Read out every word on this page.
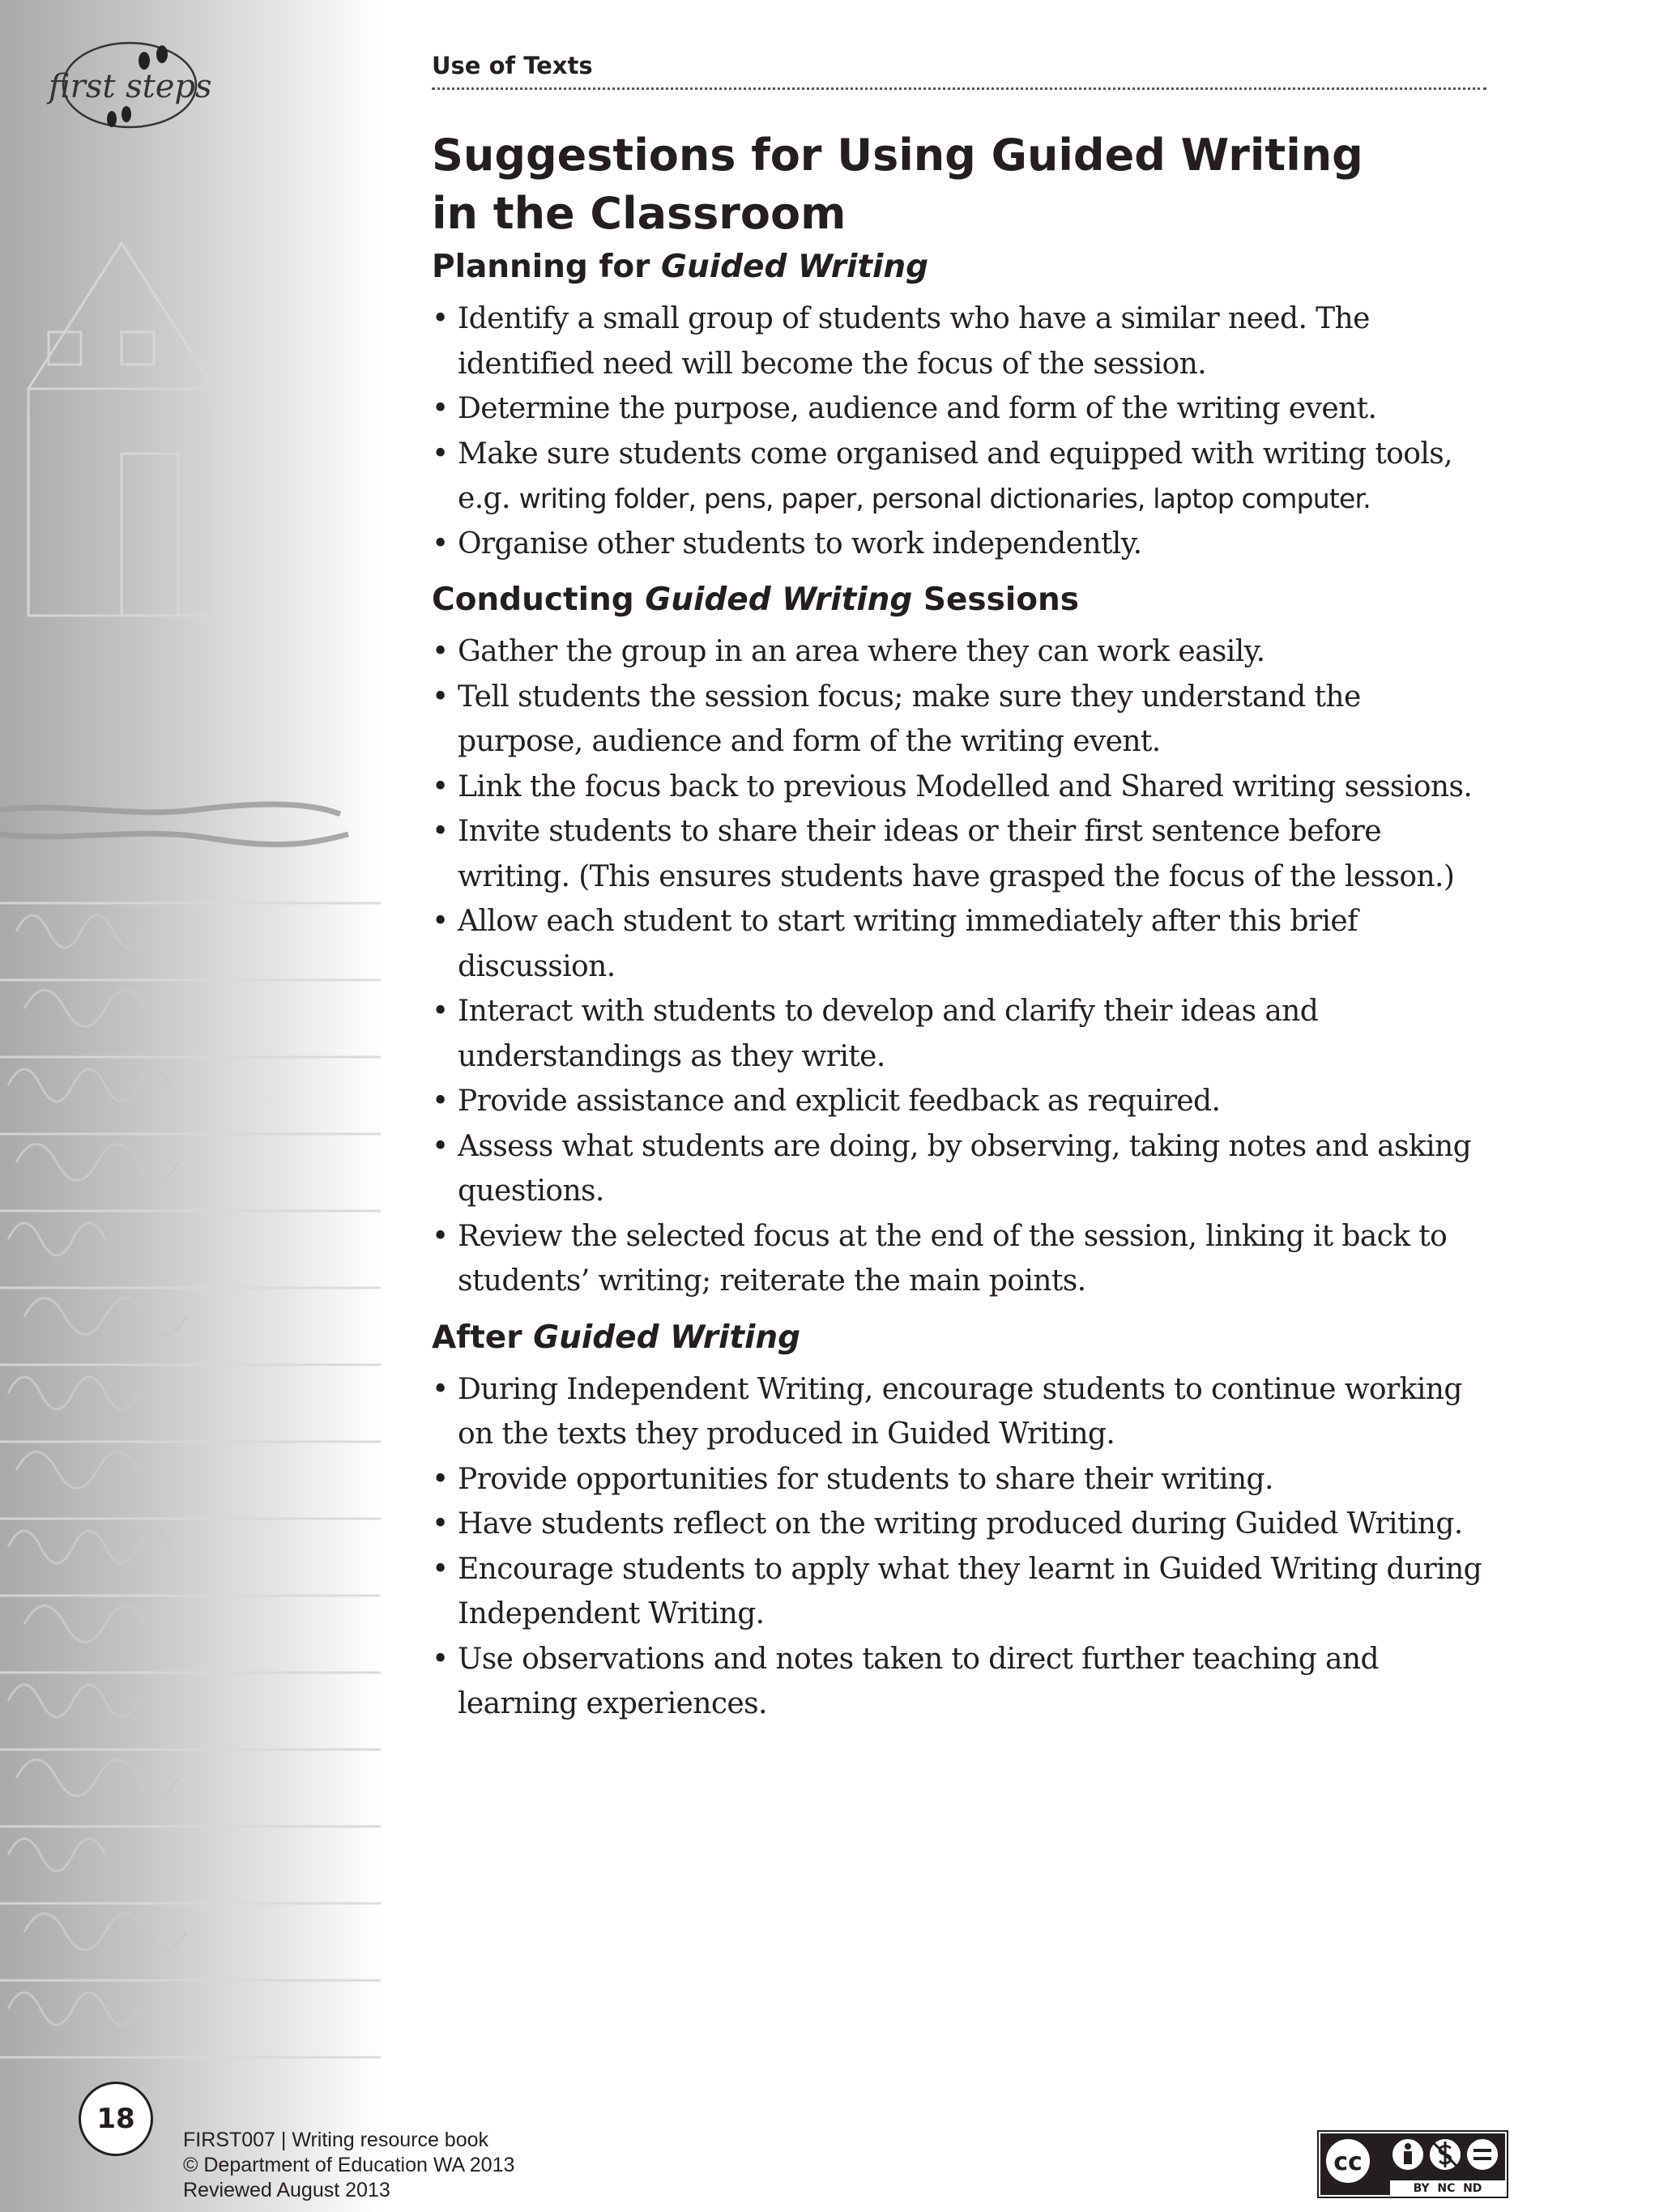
first steps
Use of Texts
Suggestions for Using Guided Writing
in the Classroom
Planning for Guided Writing
• Identify a small group of students who have a similar need. The identified need will become the focus of the session.
• Determine the purpose, audience and form of the writing event.
• Make sure students come organised and equipped with writing tools, e.g. writing folder, pens, paper, personal dictionaries, laptop computer.
• Organise other students to work independently.
Conducting Guided Writing Sessions
• Gather the group in an area where they can work easily.
• Tell students the session focus; make sure they understand the purpose, audience and form of the writing event.
• Link the focus back to previous Modelled and Shared writing sessions.
• Invite students to share their ideas or their first sentence before writing. (This ensures students have grasped the focus of the lesson.)
• Allow each student to start writing immediately after this brief discussion.
• Interact with students to develop and clarify their ideas and understandings as they write.
• Provide assistance and explicit feedback as required.
• Assess what students are doing, by observing, taking notes and asking questions.
• Review the selected focus at the end of the session, linking it back to students’ writing; reiterate the main points.
After Guided Writing
• During Independent Writing, encourage students to continue working on the texts they produced in Guided Writing.
• Provide opportunities for students to share their writing.
• Have students reflect on the writing produced during Guided Writing.
• Encourage students to apply what they learnt in Guided Writing during Independent Writing.
• Use observations and notes taken to direct further teaching and learning experiences.
18
FIRST007 | Writing resource book
© Department of Education WA 2013
Reviewed August 2013
cc
BY  NC  ND
